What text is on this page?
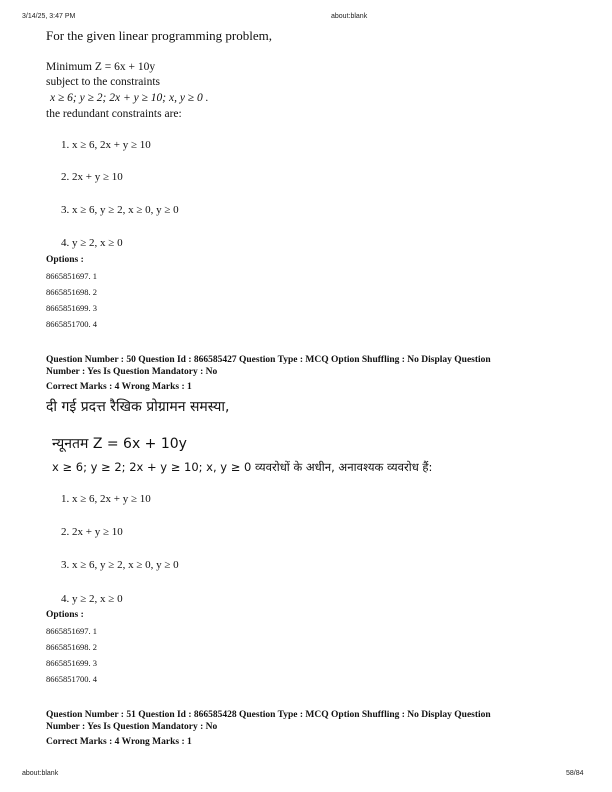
3/14/25, 3:47 PM	about:blank
For the given linear programming problem,
Minimum Z = 6x + 10y
subject to the constraints
x ≥ 6; y ≥ 2; 2x + y ≥ 10; x, y ≥ 0 .
the redundant constraints are:
1. x ≥ 6, 2x + y ≥ 10
2. 2x + y ≥ 10
3. x ≥ 6, y ≥ 2, x ≥ 0, y ≥ 0
4. y ≥ 2, x ≥ 0
Options :
8665851697. 1
8665851698. 2
8665851699. 3
8665851700. 4
Question Number : 50 Question Id : 866585427 Question Type : MCQ Option Shuffling : No Display Question
Number : Yes Is Question Mandatory : No
Correct Marks : 4 Wrong Marks : 1
दी गई प्रदत्त रैखिक प्रोग्रामन समस्या,
न्यूनतम Z = 6x + 10y
x ≥ 6; y ≥ 2; 2x + y ≥ 10; x, y ≥ 0 व्यवरोधों के अधीन, अनावश्यक व्यवरोध हैं:
1. x ≥ 6, 2x + y ≥ 10
2. 2x + y ≥ 10
3. x ≥ 6, y ≥ 2, x ≥ 0, y ≥ 0
4. y ≥ 2, x ≥ 0
Options :
8665851697. 1
8665851698. 2
8665851699. 3
8665851700. 4
Question Number : 51 Question Id : 866585428 Question Type : MCQ Option Shuffling : No Display Question
Number : Yes Is Question Mandatory : No
Correct Marks : 4 Wrong Marks : 1
about:blank	58/84
